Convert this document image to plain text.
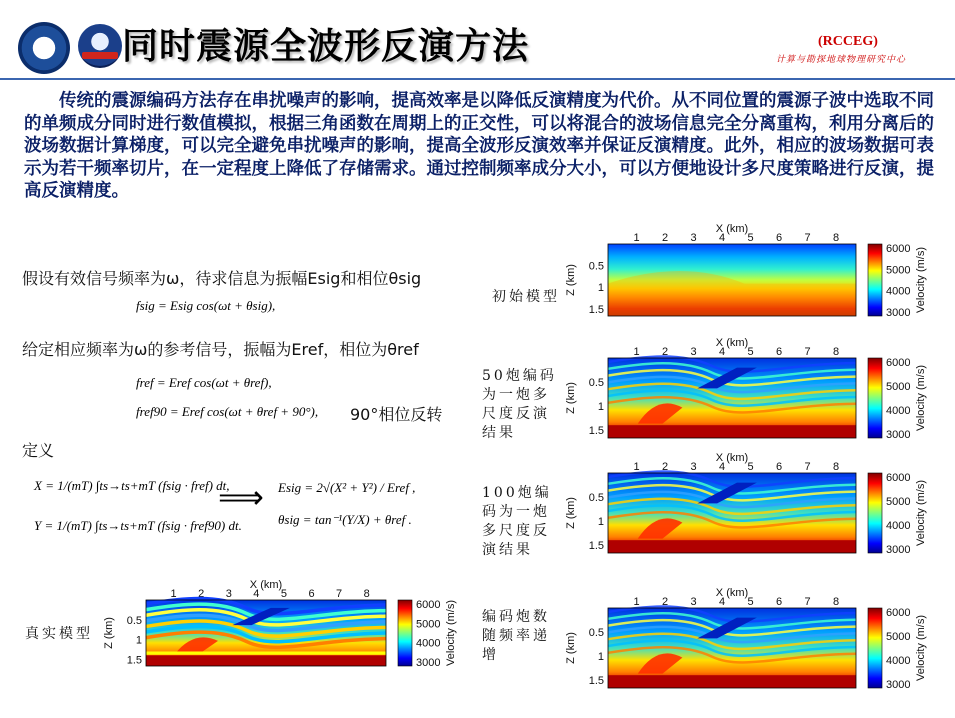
同时震源全波形反演方法	(RCCEG)
计算与勘探地球物理研究中心
传统的震源编码方法存在串扰噪声的影响，提高效率是以降低反演精度为代价。从不同位置的震源子波中选取不同的单频成分同时进行数值模拟，根据三角函数在周期上的正交性，可以将混合的波场信息完全分离重构，利用分离后的波场数据计算梯度，可以完全避免串扰噪声的影响，提高全波形反演效率并保证反演精度。此外，相应的波场数据可表示为若干频率切片，在一定程度上降低了存储需求。通过控制频率成分大小，可以方便地设计多尺度策略进行反演，提高反演精度。
假设有效信号频率为ω，待求信息为振幅Esig和相位θsig
fsig = Esig cos(ωt + θsig),
给定相应频率为ω的参考信号，振幅为Eref，相位为θref
fref = Eref cos(ωt + θref),
fref90 = Eref cos(ωt + θref + 90°), 90°相位反转
定义
X = 1/(mT) ∫ts→ts+mT (fsig · fref) dt,
Y = 1/(mT) ∫ts→ts+mT (fsig · fref90) dt.
⟹ Esig = 2√(X² + Y²) / Eref ,
θsig = tan⁻¹(Y/X) + θref .
真实模型
初始模型
50炮编码为一炮多尺度反演结果
100炮编码为一炮多尺度反演结果
编码炮数随频率递增
X (km)
1 2 3 4 5 6 7 8
Z (km) 0.5
1
1.5
6000
5000
4000
3000 Velocity (m/s)
X (km)
1 2 3 4 5 6 7 8
Z (km) 0.5
1
1.5
6000
5000
4000
3000 Velocity (m/s)
X (km)
1 2 3 4 5 6 7 8
Z (km) 0.5
1
1.5
6000
5000
4000
3000
Velocity (m/s)
X (km)
1 2 3 4 5 6 7 8
Z (km) 0.5
1
1.5
6000
5000
4000
3000
Velocity (m/s)
X (km)
1 2 3 4 5 6 7 8
Z (km) 0.5
1
1.5
6000
5000
4000
3000
Velocity (m/s)
